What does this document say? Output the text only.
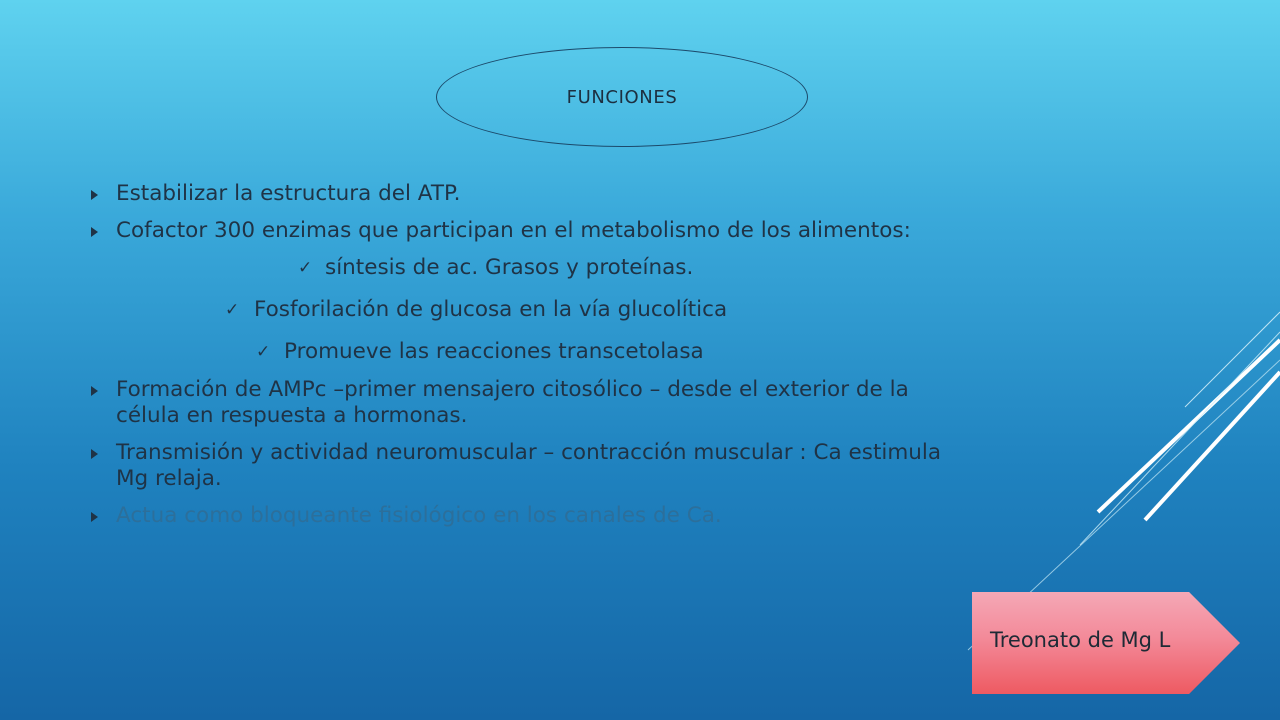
FUNCIONES
Estabilizar la estructura del ATP.
Cofactor 300 enzimas que participan en el metabolismo de los alimentos:
✓ síntesis de ac. Grasos y proteínas.
✓ Fosforilación de glucosa en la vía glucolítica
✓ Promueve las reacciones transcetolasa
Formación de AMPc –primer mensajero citosólico – desde el exterior de la célula en respuesta a hormonas.
Transmisión y actividad neuromuscular – contracción muscular : Ca estimula Mg relaja.
Actua como bloqueante fisiológico en los canales de Ca.
Treonato de Mg L
